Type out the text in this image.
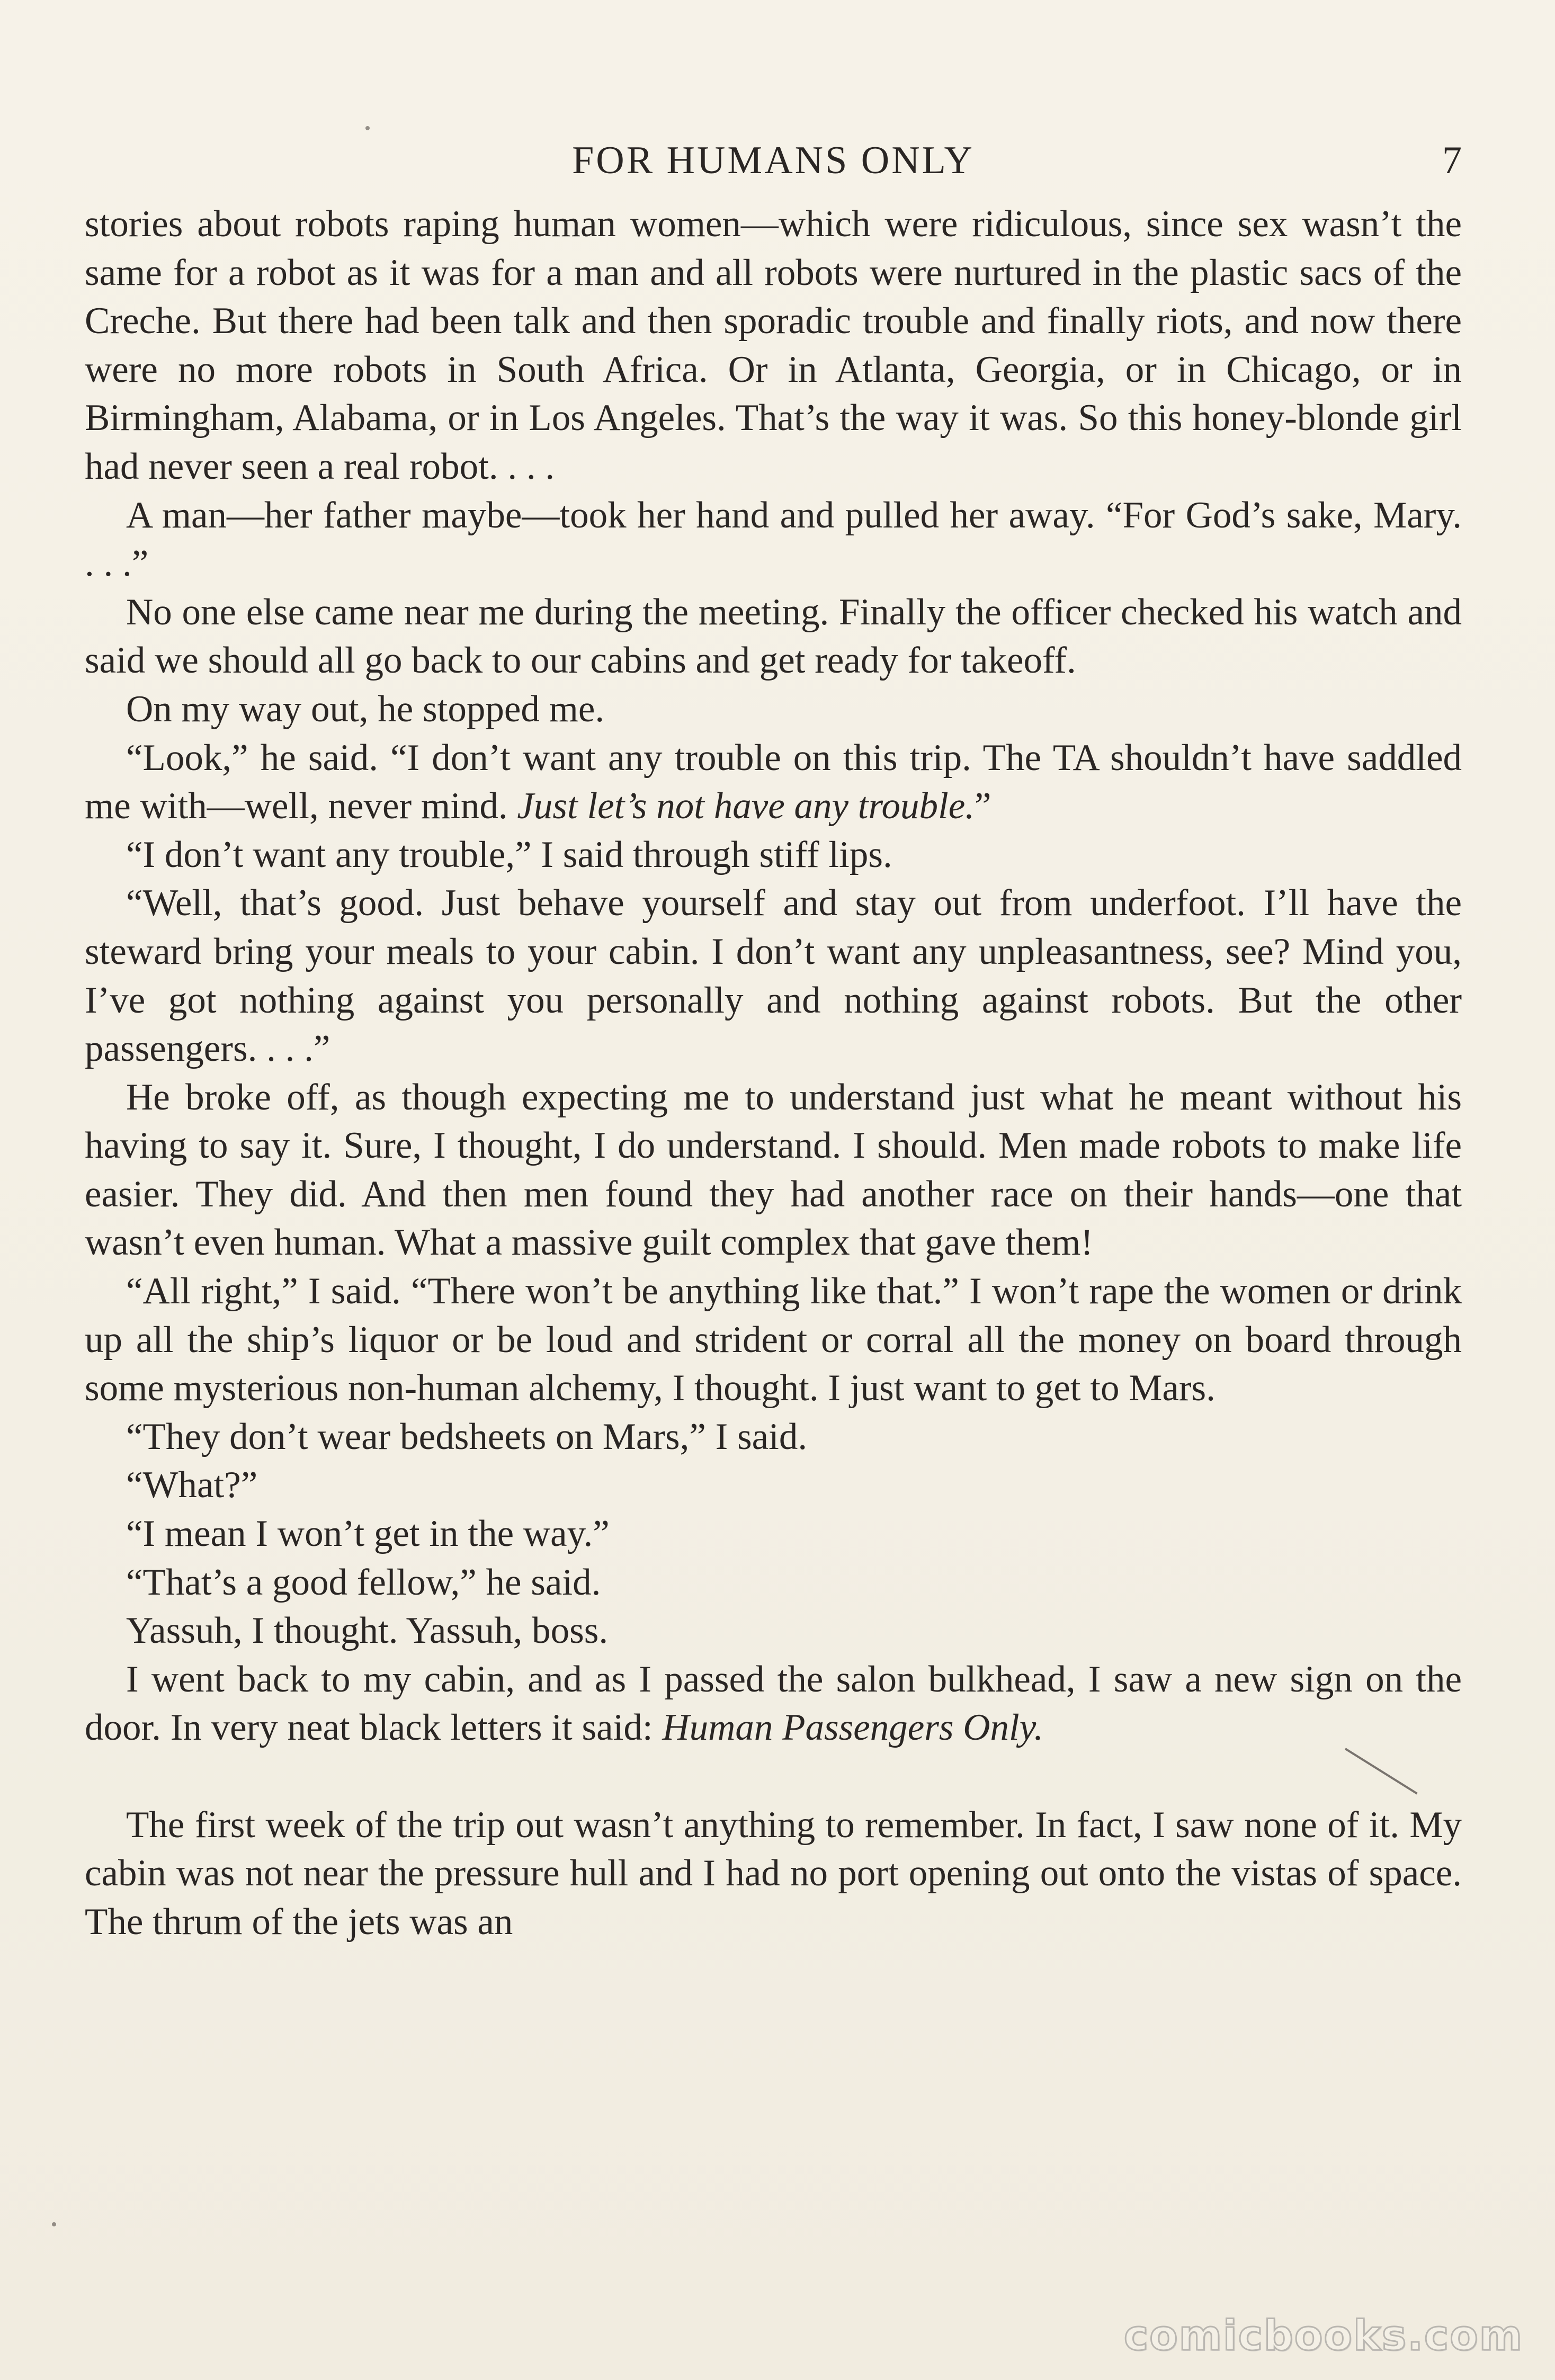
FOR HUMANS ONLY	7

stories about robots raping human women—which were ridiculous, since sex wasn’t the same for a robot as it was for a man and all robots were nurtured in the plastic sacs of the Creche. But there had been talk and then sporadic trouble and finally riots, and now there were no more robots in South Africa. Or in Atlanta, Georgia, or in Chicago, or in Birmingham, Alabama, or in Los Angeles. That’s the way it was. So this honey-blonde girl had never seen a real robot. . . .

A man—her father maybe—took her hand and pulled her away. “For God’s sake, Mary. . . .”

No one else came near me during the meeting. Finally the officer checked his watch and said we should all go back to our cabins and get ready for takeoff.

On my way out, he stopped me.

“Look,” he said. “I don’t want any trouble on this trip. The TA shouldn’t have saddled me with—well, never mind. Just let’s not have any trouble.”

“I don’t want any trouble,” I said through stiff lips.

“Well, that’s good. Just behave yourself and stay out from underfoot. I’ll have the steward bring your meals to your cabin. I don’t want any unpleasantness, see? Mind you, I’ve got nothing against you personally and nothing against robots. But the other passengers. . . .”

He broke off, as though expecting me to understand just what he meant without his having to say it. Sure, I thought, I do understand. I should. Men made robots to make life easier. They did. And then men found they had another race on their hands—one that wasn’t even human. What a massive guilt complex that gave them!

“All right,” I said. “There won’t be anything like that.” I won’t rape the women or drink up all the ship’s liquor or be loud and strident or corral all the money on board through some mysterious non-human alchemy, I thought. I just want to get to Mars.

“They don’t wear bedsheets on Mars,” I said.

“What?”

“I mean I won’t get in the way.”

“That’s a good fellow,” he said.

Yassuh, I thought. Yassuh, boss.

I went back to my cabin, and as I passed the salon bulkhead, I saw a new sign on the door. In very neat black letters it said: Human Passengers Only.

The first week of the trip out wasn’t anything to remember. In fact, I saw none of it. My cabin was not near the pressure hull and I had no port opening out onto the vistas of space. The thrum of the jets was an

comicbooks.com
